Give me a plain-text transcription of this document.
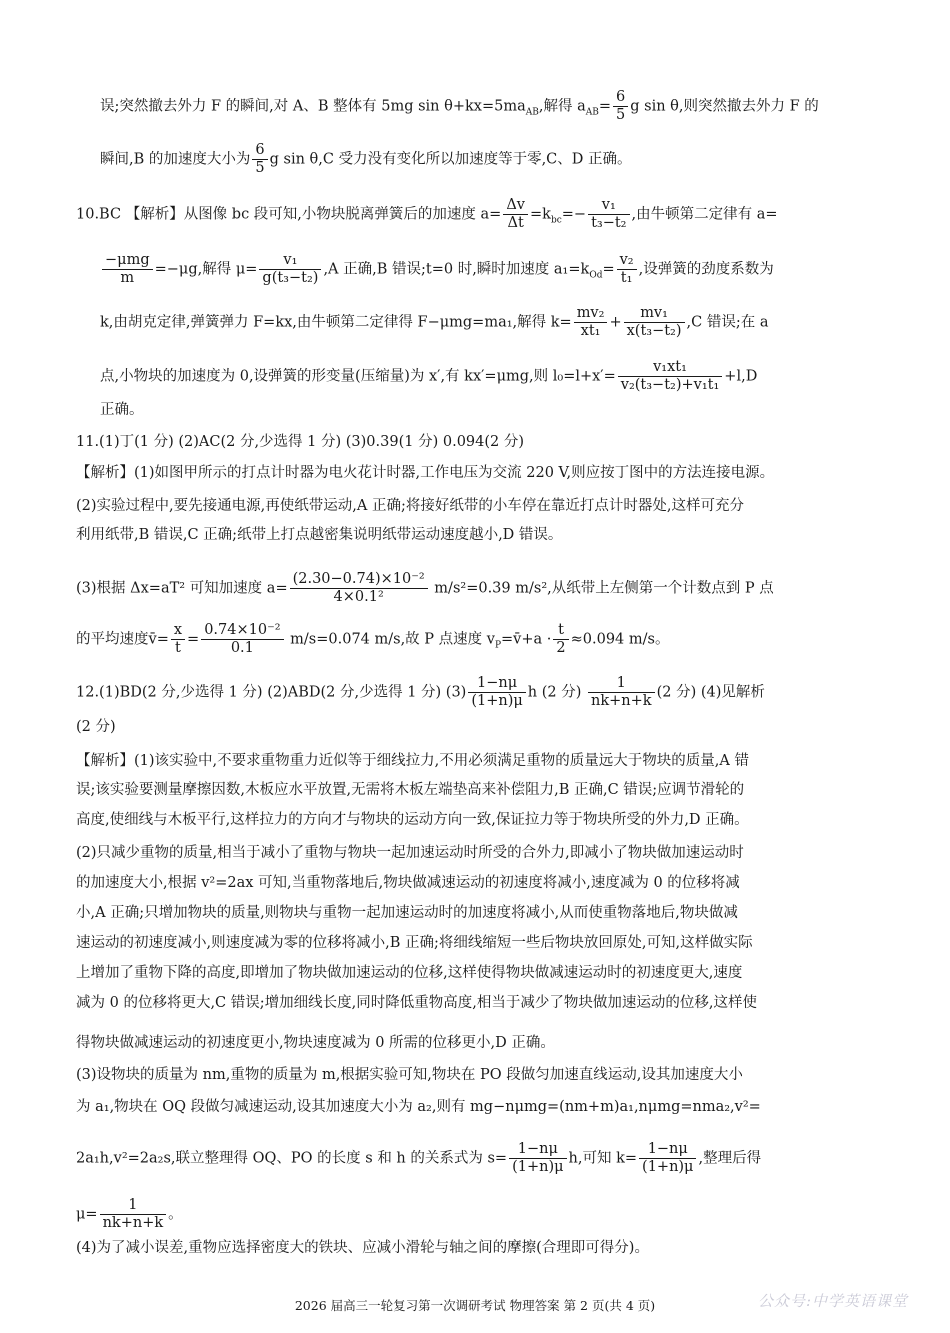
误;突然撤去外力 F 的瞬间,对 A、B 整体有 5mg $\sin \theta+kx=5ma_{AB}$,解得 $a_{AB}= \frac{6}{5}$ g sin θ,则突然撤去外力 F 的
瞬间,B 的加速度大小为 $\frac{6}{5}$ g sin θ,C 受力没有变化所以加速度等于零,C、D 正确。
10.BC 【解析】从图像 bc 段可知,小物块脱离弹簧后的加速度 $a= \frac{\Delta v}{\Delta t} =k_{bc}=- \frac{\text{v₁}}{\text{t₃−t₂}}$ ,由牛顿第二定律有 a=
$\frac{\text{−μmg}}{m} =-\mu g$,解得 $\mu= \frac{\text{v₁}}{\text{g(t₃−t₂)}} ,A$ 正确,B 错误;t=0 时,瞬时加速度 $a_1=k_{Od}= \frac{\text{v₂}}{\text{t₁}}$ ,设弹簧的劲度系数为
k,由胡克定律,弹簧弹力 F=kx,由牛顿第二定律得 F−μmg=ma₁,解得 $k= \frac{\text{mv₂}}{\text{xt₁}} + \frac{\text{mv₁}}{\text{x(t₃−t₂)}} ,C$ 错误;在 a
点,小物块的加速度为 0,设弹簧的形变量(压缩量)为 x′,有 kx′=μmg,则 $l_0=l+x'= \frac{\text{v₁xt₁}}{\text{v₂(t₃−t₂)+v₁t₁}} +l,D$
正确。
11.(1)丁(1 分) (2)AC(2 分,少选得 1 分) (3)0.39(1 分) 0.094(2 分)
【解析】(1)如图甲所示的打点计时器为电火花计时器,工作电压为交流 220 V,则应按丁图中的方法连接电源。
(2)实验过程中,要先接通电源,再使纸带运动,A 正确;将接好纸带的小车停在靠近打点计时器处,这样可充分
利用纸带,B 错误,C 正确;纸带上打点越密集说明纸带运动速度越小,D 错误。
(3)根据 Δx=aT² 可知加速度 $a= \frac{\text{(2.30−0.74)×10⁻²}}{\text{4×0.1²}} m/s^2=0.39$ m/s²,从纸带上左侧第一个计数点到 P 点
的平均速度v̄= $\frac{x}{t} = \frac{\text{0.74×10⁻²}}{0.1} m/s=0.074$ m/s,故 P 点速度 $v_P=v̄+a \cdot \frac{t}{2} \approx 0.094$ m/s。
12.(1)BD(2 分,少选得 1 分) (2)ABD(2 分,少选得 1 分) $(3) \frac{1-n\mu}{(1+n)\mu}$ h (2 分) $\frac{1}{nk+n+k} (2$ 分) (4)见解析
(2 分)
【解析】(1)该实验中,不要求重物重力近似等于细线拉力,不用必须满足重物的质量远大于物块的质量,A 错
误;该实验要测量摩擦因数,木板应水平放置,无需将木板左端垫高来补偿阻力,B 正确,C 错误;应调节滑轮的
高度,使细线与木板平行,这样拉力的方向才与物块的运动方向一致,保证拉力等于物块所受的外力,D 正确。
(2)只减少重物的质量,相当于减小了重物与物块一起加速运动时所受的合外力,即减小了物块做加速运动时
的加速度大小,根据 v²=2ax 可知,当重物落地后,物块做减速运动的初速度将减小,速度减为 0 的位移将减
小,A 正确;只增加物块的质量,则物块与重物一起加速运动时的加速度将减小,从而使重物落地后,物块做减
速运动的初速度减小,则速度减为零的位移将减小,B 正确;将细线缩短一些后物块放回原处,可知,这样做实际
上增加了重物下降的高度,即增加了物块做加速运动的位移,这样使得物块做减速运动时的初速度更大,速度
减为 0 的位移将更大,C 错误;增加细线长度,同时降低重物高度,相当于减少了物块做加速运动的位移,这样使
得物块做减速运动的初速度更小,物块速度减为 0 所需的位移更小,D 正确。
(3)设物块的质量为 nm,重物的质量为 m,根据实验可知,物块在 PO 段做匀加速直线运动,设其加速度大小
为 a₁,物块在 OQ 段做匀减速运动,设其加速度大小为 a₂,则有 mg−nμmg=(nm+m)a₁,nμmg=nma₂,v²=
2a₁h,v²=2a₂s,联立整理得 OQ、PO 的长度 s 和 h 的关系式为 $s= \frac{1-n\mu}{(1+n)\mu} h$,可知 $k= \frac{1-n\mu}{(1+n)\mu}$ ,整理后得
$\mu= \frac{1}{nk+n+k}$ 。
(4)为了减小误差,重物应选择密度大的铁块、应减小滑轮与轴之间的摩擦(合理即可得分)。
2026 届高三一轮复习第一次调研考试 物理答案 第 2 页(共 4 页)	公众号:中学英语课堂
